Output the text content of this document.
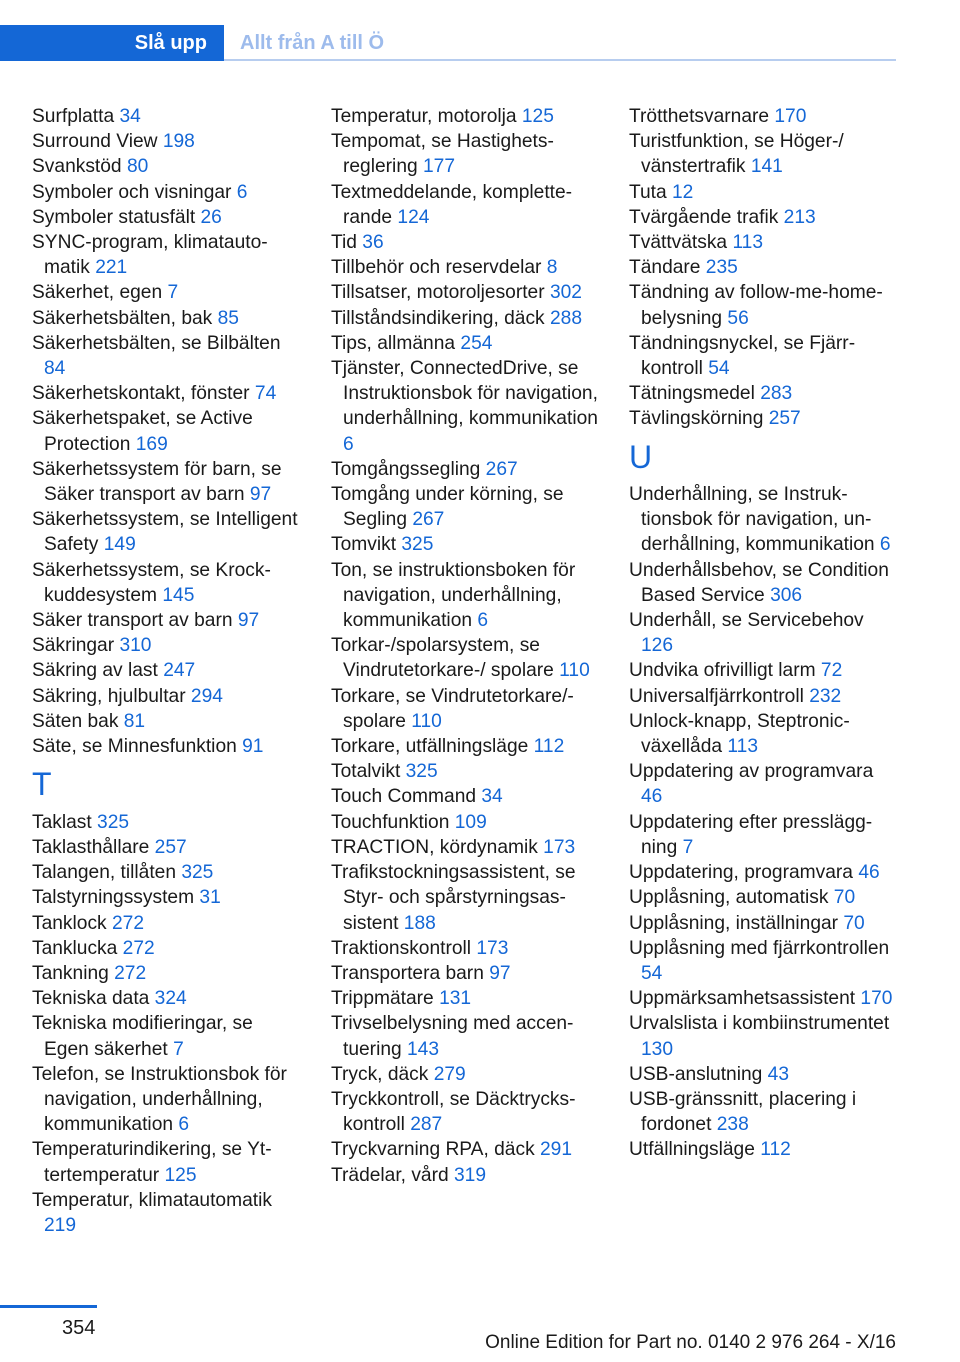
Slå upp	Allt från A till Ö
Surfplatta 34
Surround View 198
Svankstöd 80
Symboler och visningar 6
Symboler statusfält 26
SYNC-program, klimatautomatik 221
Säkerhet, egen 7
Säkerhetsbälten, bak 85
Säkerhetsbälten, se Bilbälten 84
Säkerhetskontakt, fönster 74
Säkerhetspaket, se Active Protection 169
Säkerhetssystem för barn, se Säker transport av barn 97
Säkerhetssystem, se Intelligent Safety 149
Säkerhetssystem, se Krockkuddesystem 145
Säker transport av barn 97
Säkringar 310
Säkring av last 247
Säkring, hjulbultar 294
Säten bak 81
Säte, se Minnesfunktion 91
T
Taklast 325
Taklasthållare 257
Talangen, tillåten 325
Talstyrningssystem 31
Tanklock 272
Tanklucka 272
Tankning 272
Tekniska data 324
Tekniska modifieringar, se Egen säkerhet 7
Telefon, se Instruktionsbok för navigation, underhållning, kommunikation 6
Temperaturindikering, se Yttertemperatur 125
Temperatur, klimatautomatik 219
Temperatur, motorolja 125
Tempomat, se Hastighetsreglering 177
Textmeddelande, kompletterande 124
Tid 36
Tillbehör och reservdelar 8
Tillsatser, motoroljesorter 302
Tillståndsindikering, däck 288
Tips, allmänna 254
Tjänster, ConnectedDrive, se Instruktionsbok för navigation, underhållning, kommunikation 6
Tomgångssegling 267
Tomgång under körning, se Segling 267
Tomvikt 325
Ton, se instruktionsboken för navigation, underhållning, kommunikation 6
Torkar-/spolarsystem, se Vindrutetorkare-/ spolare 110
Torkare, se Vindrutetorkare/-spolare 110
Torkare, utfällningsläge 112
Totalvikt 325
Touch Command 34
Touchfunktion 109
TRACTION, kördynamik 173
Trafikstockningsassistent, se Styr- och spårstyrningsassistent 188
Traktionskontroll 173
Transportera barn 97
Trippmätare 131
Trivselbelysning med accentuering 143
Tryck, däck 279
Tryckkontroll, se Däcktryckskontroll 287
Tryckvarning RPA, däck 291
Trädelar, vård 319
Trötthetsvarnare 170
Turistfunktion, se Höger-/ vänstertrafik 141
Tuta 12
Tvärgående trafik 213
Tvättvätska 113
Tändare 235
Tändning av follow-me-home-belysning 56
Tändningsnyckel, se Fjärrkontroll 54
Tätningsmedel 283
Tävlingskörning 257
U
Underhållning, se Instruktionsbok för navigation, underhållning, kommunikation 6
Underhållsbehov, se Condition Based Service 306
Underhåll, se Servicebehov 126
Undvika ofrivilligt larm 72
Universalfjärrkontroll 232
Unlock-knapp, Steptronic-växellåda 113
Uppdatering av programvara 46
Uppdatering efter pressläggning 7
Uppdatering, programvara 46
Upplåsning, automatisk 70
Upplåsning, inställningar 70
Upplåsning med fjärrkontrollen 54
Uppmärksamhetsassistent 170
Urvalslista i kombiinstrumentet 130
USB-anslutning 43
USB-gränssnitt, placering i fordonet 238
Utfällningsläge 112
354
Online Edition for Part no. 0140 2 976 264 - X/16
